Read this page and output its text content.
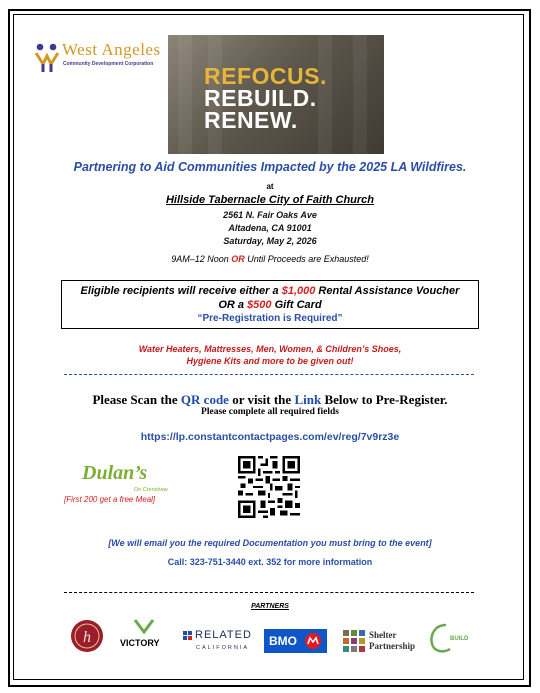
West Angeles
Community Development Corporation REFOCUS.
REBUILD.
RENEW.
Partnering to Aid Communities Impacted by the 2025 LA Wildfires.
at
Hillside Tabernacle City of Faith Church
2561 N. Fair Oaks Ave
Altadena, CA 91001
Saturday, May 2, 2026
9AM–12 Noon OR Until Proceeds are Exhausted!
Eligible recipients will receive either a $1,000 Rental Assistance Voucher
OR a $500 Gift Card
“Pre-Registration is Required”
Water Heaters, Mattresses, Men, Women, & Children’s Shoes,
Hygiene Kits and more to be given out!
Please Scan the QR code or visit the Link Below to Pre-Register.
Please complete all required fields
https://lp.constantcontactpages.com/ev/reg/7v9rz3e
Dulan’s
On Crenshaw
[First 200 get a free Meal]
[We will email you the required Documentation you must bring to the event]
Call: 323-751-3440 ext. 352 for more information
PARTNERS
h	VICTORY
RELATED
CALIFORNIA BMO	Shelter
Partnership
BUILD
